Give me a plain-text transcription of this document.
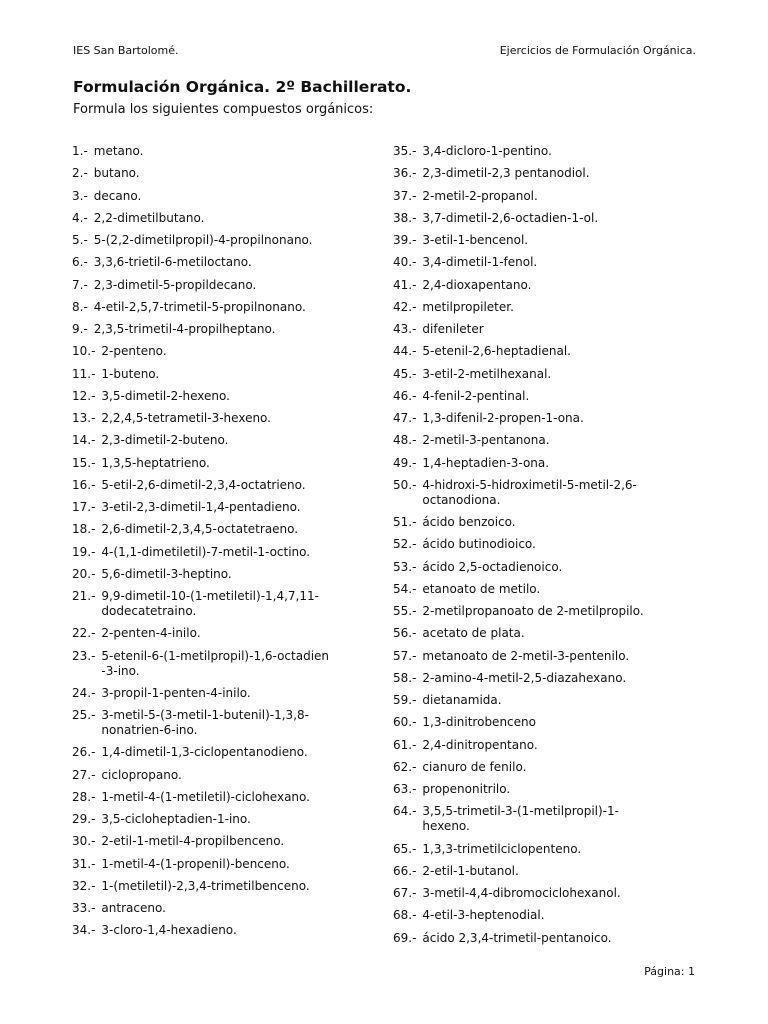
IES San Bartolomé.	Ejercicios de Formulación Orgánica.
Formulación Orgánica. 2º Bachillerato.
Formula los siguientes compuestos orgánicos:
1.- metano.
2.- butano.
3.- decano.
4.- 2,2-dimetilbutano.
5.- 5-(2,2-dimetilpropil)-4-propilnonano.
6.- 3,3,6-trietil-6-metiloctano.
7.- 2,3-dimetil-5-propildecano.
8.- 4-etil-2,5,7-trimetil-5-propilnonano.
9.- 2,3,5-trimetil-4-propilheptano.
10.- 2-penteno.
11.- 1-buteno.
12.- 3,5-dimetil-2-hexeno.
13.- 2,2,4,5-tetrametil-3-hexeno.
14.- 2,3-dimetil-2-buteno.
15.- 1,3,5-heptatrieno.
16.- 5-etil-2,6-dimetil-2,3,4-octatrieno.
17.- 3-etil-2,3-dimetil-1,4-pentadieno.
18.- 2,6-dimetil-2,3,4,5-octatetraeno.
19.- 4-(1,1-dimetiletil)-7-metil-1-octino.
20.- 5,6-dimetil-3-heptino.
21.- 9,9-dimetil-10-(1-metiletil)-1,4,7,11-
dodecatetraino.
22.- 2-penten-4-inilo.
23.- 5-etenil-6-(1-metilpropil)-1,6-octadien
-3-ino.
24.- 3-propil-1-penten-4-inilo.
25.- 3-metil-5-(3-metil-1-butenil)-1,3,8-
nonatrien-6-ino.
26.- 1,4-dimetil-1,3-ciclopentanodieno.
27.- ciclopropano.
28.- 1-metil-4-(1-metiletil)-ciclohexano.
29.- 3,5-cicloheptadien-1-ino.
30.- 2-etil-1-metil-4-propilbenceno.
31.- 1-metil-4-(1-propenil)-benceno.
32.- 1-(metiletil)-2,3,4-trimetilbenceno.
33.- antraceno.
34.- 3-cloro-1,4-hexadieno.
35.- 3,4-dicloro-1-pentino.
36.- 2,3-dimetil-2,3 pentanodiol.
37.- 2-metil-2-propanol.
38.- 3,7-dimetil-2,6-octadien-1-ol.
39.- 3-etil-1-bencenol.
40.- 3,4-dimetil-1-fenol.
41.- 2,4-dioxapentano.
42.- metilpropileter.
43.- difenileter
44.- 5-etenil-2,6-heptadienal.
45.- 3-etil-2-metilhexanal.
46.- 4-fenil-2-pentinal.
47.- 1,3-difenil-2-propen-1-ona.
48.- 2-metil-3-pentanona.
49.- 1,4-heptadien-3-ona.
50.- 4-hidroxi-5-hidroximetil-5-metil-2,6-
octanodiona.
51.- ácido benzoico.
52.- ácido butinodioico.
53.- ácido 2,5-octadienoico.
54.- etanoato de metilo.
55.- 2-metilpropanoato de 2-metilpropilo.
56.- acetato de plata.
57.- metanoato de 2-metil-3-pentenilo.
58.- 2-amino-4-metil-2,5-diazahexano.
59.- dietanamida.
60.- 1,3-dinitrobenceno
61.- 2,4-dinitropentano.
62.- cianuro de fenilo.
63.- propenonitrilo.
64.- 3,5,5-trimetil-3-(1-metilpropil)-1-
hexeno.
65.- 1,3,3-trimetilciclopenteno.
66.- 2-etil-1-butanol.
67.- 3-metil-4,4-dibromociclohexanol.
68.- 4-etil-3-heptenodial.
69.- ácido 2,3,4-trimetil-pentanoico.
Página: 1
